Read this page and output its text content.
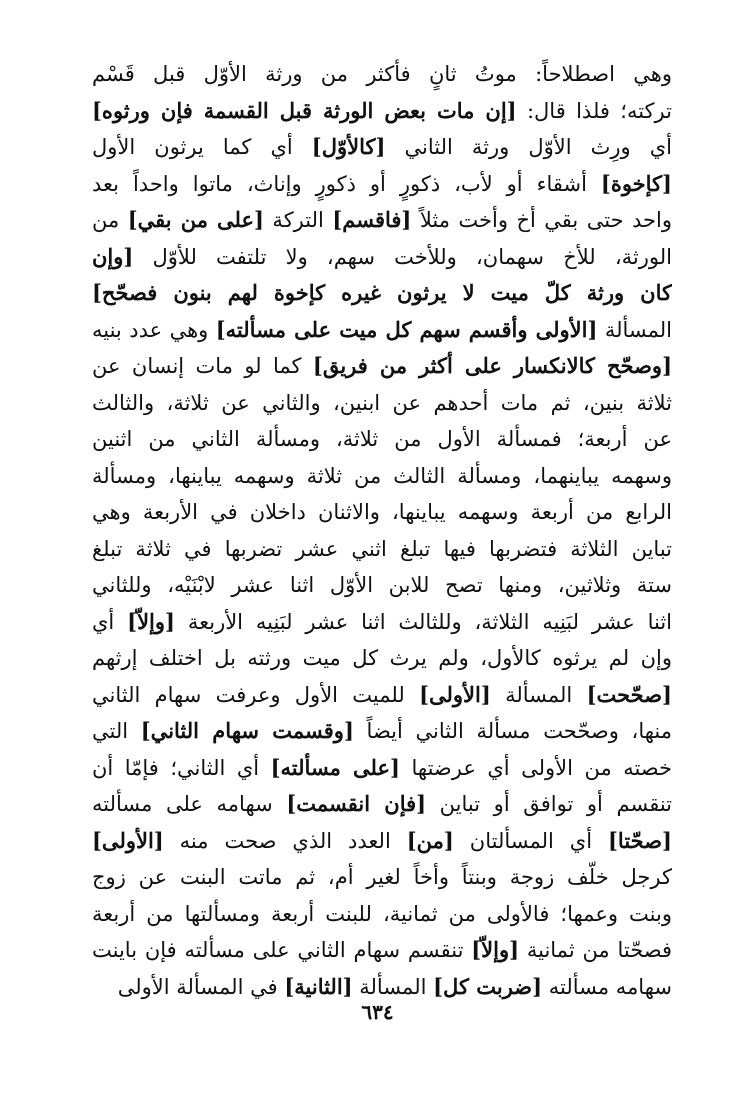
وهي اصطلاحاً: موتُ ثانٍ فأكثر من ورثة الأوّل قبل قَسْم
تركته؛ فلذا قال: [إن مات بعض الورثة قبل القسمة فإن ورثوه]
أي ورِث الأوّل ورثة الثاني [كالأوّل] أي كما يرثون الأول
[كإخوة] أشقاء أو لأب، ذكورٍ أو ذكورٍ وإناث، ماتوا واحداً بعد
واحد حتى بقي أخ وأخت مثلاً [فاقسم] التركة [على من بقي] من
الورثة، للأخ سهمان، وللأخت سهم، ولا تلتفت للأوّل [وإن
كان ورثة كلّ ميت لا يرثون غيره كإخوة لهم بنون فصحّح]
المسألة [الأولى وأقسم سهم كل ميت على مسألته] وهي عدد بنيه
[وصحّح كالانكسار على أكثر من فريق] كما لو مات إنسان عن
ثلاثة بنين، ثم مات أحدهم عن ابنين، والثاني عن ثلاثة، والثالث
عن أربعة؛ فمسألة الأول من ثلاثة، ومسألة الثاني من اثنين
وسهمه يباينهما، ومسألة الثالث من ثلاثة وسهمه يباينها، ومسألة
الرابع من أربعة وسهمه يباينها، والاثنان داخلان في الأربعة وهي
تباين الثلاثة فتضربها فيها تبلغ اثني عشر تضربها في ثلاثة تبلغ
ستة وثلاثين، ومنها تصح للابن الأوّل اثنا عشر لابْنَيْه، وللثاني
اثنا عشر لبَنِيه الثلاثة، وللثالث اثنا عشر لبَنِيه الأربعة [وإلاّ] أي
وإن لم يرثوه كالأول، ولم يرث كل ميت ورثته بل اختلف إرثهم
[صحّحت] المسألة [الأولى] للميت الأول وعرفت سهام الثاني
منها، وصحّحت مسألة الثاني أيضاً [وقسمت سهام الثاني] التي
خصته من الأولى أي عرضتها [على مسألته] أي الثاني؛ فإمّا أن
تنقسم أو توافق أو تباين [فإن انقسمت] سهامه على مسألته
[صحّتا] أي المسألتان [من] العدد الذي صحت منه [الأولى]
كرجل خلّف زوجة وبنتاً وأخاً لغير أم، ثم ماتت البنت عن زوج
وبنت وعمها؛ فالأولى من ثمانية، للبنت أربعة ومسألتها من أربعة
فصحّتا من ثمانية [وإلاّ] تنقسم سهام الثاني على مسألته فإن باينت
سهامه مسألته [ضربت كل] المسألة [الثانية] في المسألة الأولى
٦٣٤
